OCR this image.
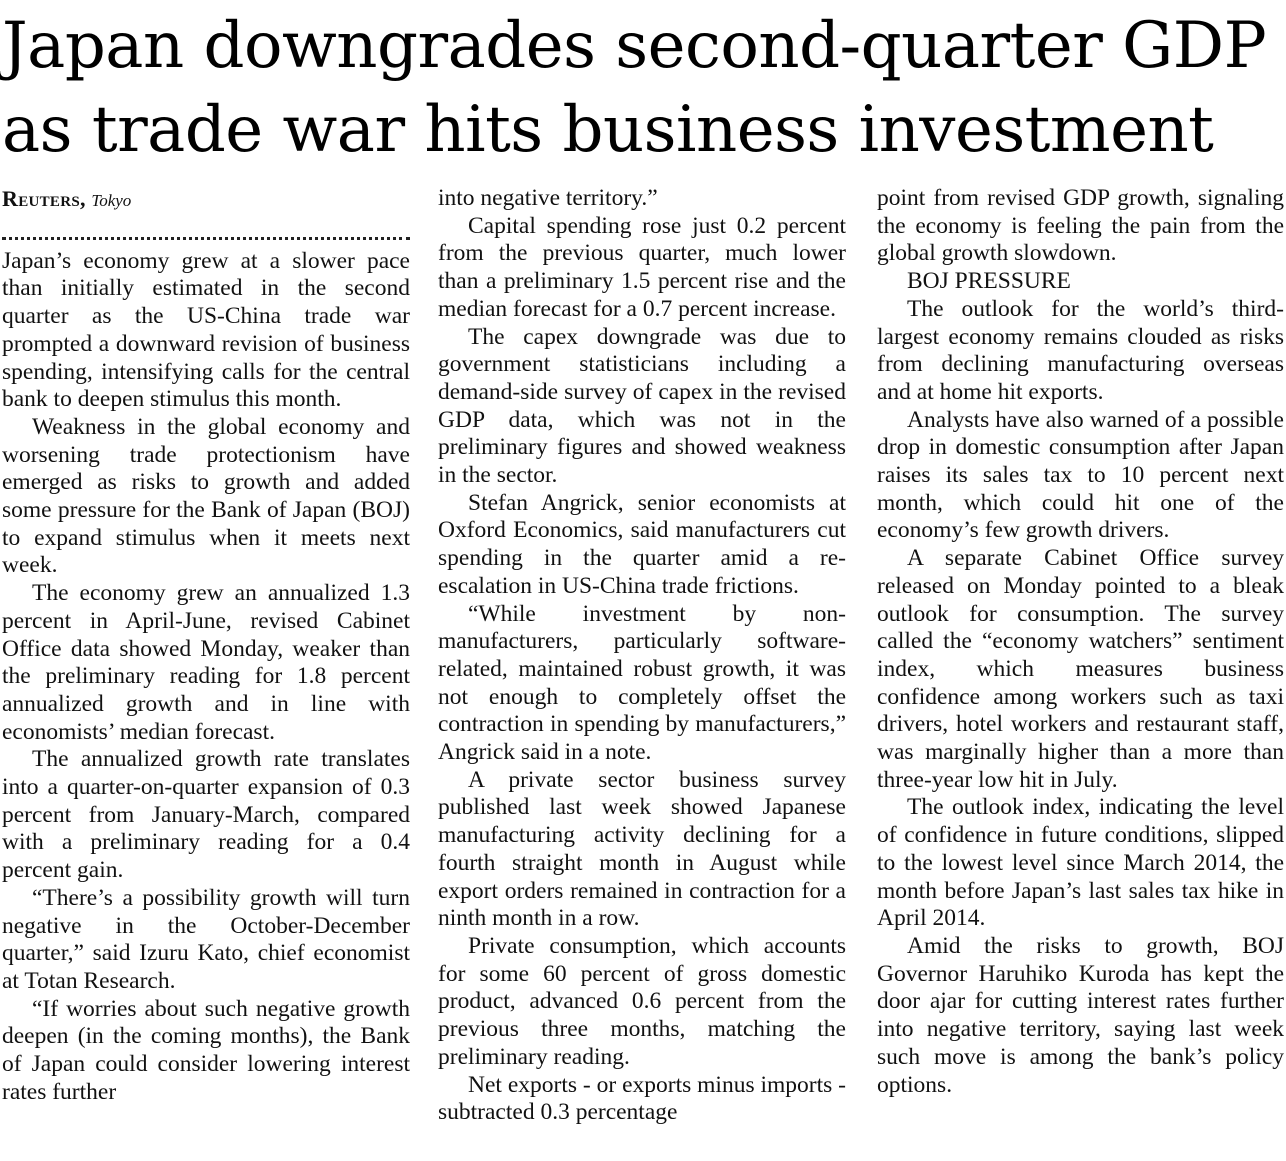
Japan downgrades second-quarter GDP
as trade war hits business investment
Reuters, Tokyo

Japan’s economy grew at a slower pace than initially estimated in the second quarter as the US-China trade war prompted a downward revision of business spending, intensifying calls for the central bank to deepen stimulus this month.

Weakness in the global economy and worsening trade protectionism have emerged as risks to growth and added some pressure for the Bank of Japan (BOJ) to expand stimulus when it meets next week.

The economy grew an annualized 1.3 percent in April-June, revised Cabinet Office data showed Monday, weaker than the preliminary reading for 1.8 percent annualized growth and in line with economists’ median forecast.

The annualized growth rate translates into a quarter-on-quarter expansion of 0.3 percent from January-March, compared with a preliminary reading for a 0.4 percent gain.

“There’s a possibility growth will turn negative in the October-December quarter,” said Izuru Kato, chief economist at Totan Research.

“If worries about such negative growth deepen (in the coming months), the Bank of Japan could consider lowering interest rates further

into negative territory.”

Capital spending rose just 0.2 percent from the previous quarter, much lower than a preliminary 1.5 percent rise and the median forecast for a 0.7 percent increase.

The capex downgrade was due to government statisticians including a demand-side survey of capex in the revised GDP data, which was not in the preliminary figures and showed weakness in the sector.

Stefan Angrick, senior economists at Oxford Economics, said manufacturers cut spending in the quarter amid a re-escalation in US-China trade frictions.

“While investment by non-manufacturers, particularly software-related, maintained robust growth, it was not enough to completely offset the contraction in spending by manufacturers,” Angrick said in a note.

A private sector business survey published last week showed Japanese manufacturing activity declining for a fourth straight month in August while export orders remained in contraction for a ninth month in a row.

Private consumption, which accounts for some 60 percent of gross domestic product, advanced 0.6 percent from the previous three months, matching the preliminary reading.

Net exports - or exports minus imports - subtracted 0.3 percentage

point from revised GDP growth, signaling the economy is feeling the pain from the global growth slowdown.

BOJ PRESSURE

The outlook for the world’s third-largest economy remains clouded as risks from declining manufacturing overseas and at home hit exports.

Analysts have also warned of a possible drop in domestic consumption after Japan raises its sales tax to 10 percent next month, which could hit one of the economy’s few growth drivers.

A separate Cabinet Office survey released on Monday pointed to a bleak outlook for consumption. The survey called the “economy watchers” sentiment index, which measures business confidence among workers such as taxi drivers, hotel workers and restaurant staff, was marginally higher than a more than three-year low hit in July.

The outlook index, indicating the level of confidence in future conditions, slipped to the lowest level since March 2014, the month before Japan’s last sales tax hike in April 2014.

Amid the risks to growth, BOJ Governor Haruhiko Kuroda has kept the door ajar for cutting interest rates further into negative territory, saying last week such move is among the bank’s policy options.
